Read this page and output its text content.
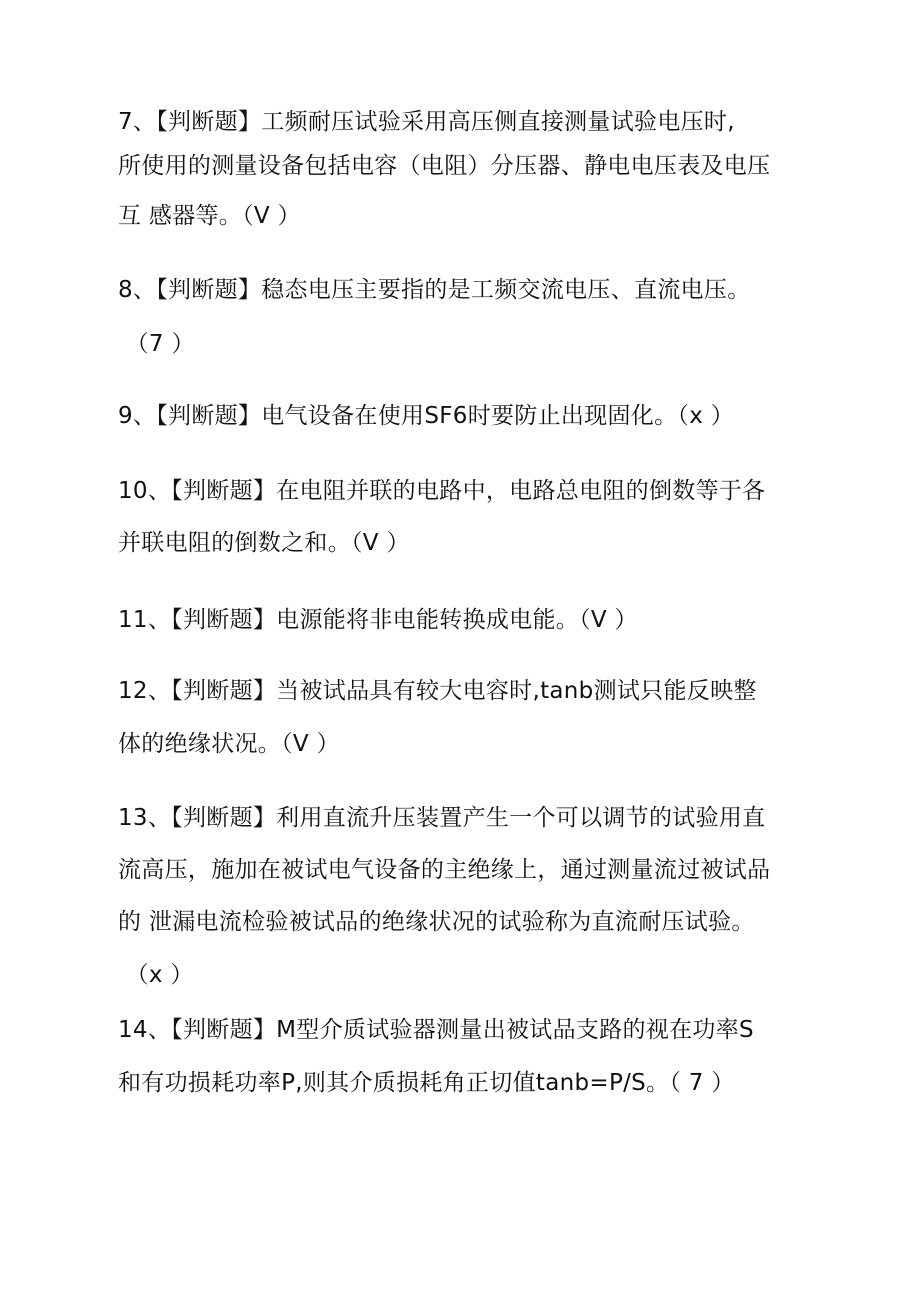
7、【判断题】工频耐压试验采用高压侧直接测量试验电压时,
所使用的测量设备包括电容（电阻）分压器、静电电压表及电压
互 感器等。（V ）
8、【判断题】稳态电压主要指的是工频交流电压、直流电压。
（7 ）
9、【判断题】电气设备在使用SF6时要防止出现固化。（x ）
10、【判断题】在电阻并联的电路中，电路总电阻的倒数等于各
并联电阻的倒数之和。（V ）
11、【判断题】电源能将非电能转换成电能。（V ）
12、【判断题】当被试品具有较大电容时,tanb测试只能反映整
体的绝缘状况。（V ）
13、【判断题】利用直流升压装置产生一个可以调节的试验用直
流高压，施加在被试电气设备的主绝缘上，通过测量流过被试品
的 泄漏电流检验被试品的绝缘状况的试验称为直流耐压试验。
（x ）
14、【判断题】M型介质试验器测量出被试品支路的视在功率S
和有功损耗功率P,则其介质损耗角正切值tanb=P/S。（ 7 ）
